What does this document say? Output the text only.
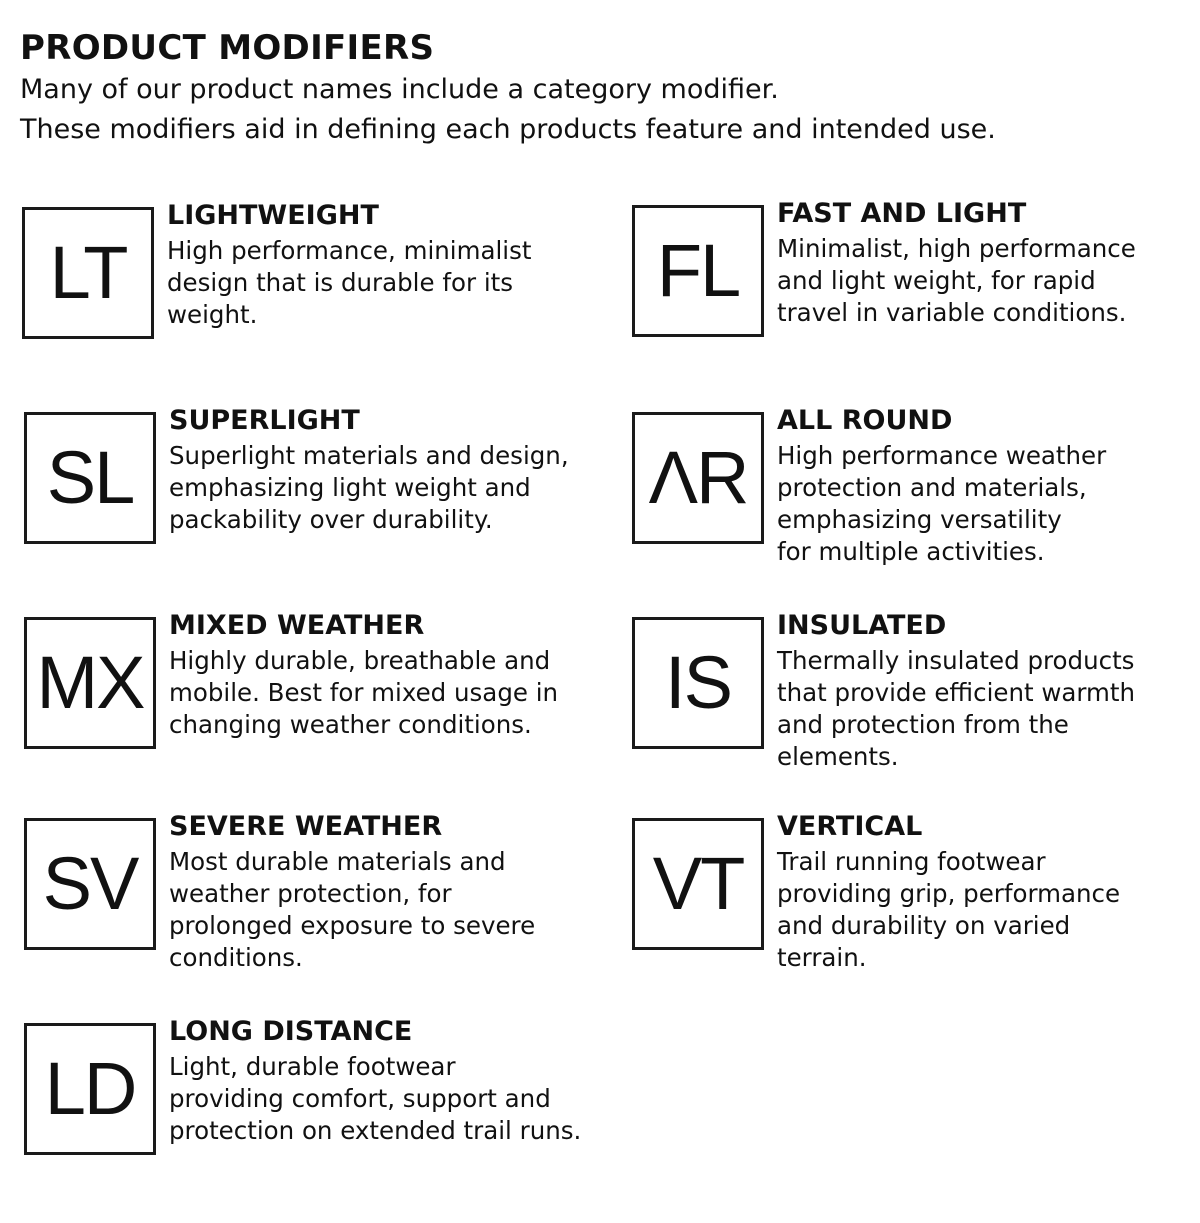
PRODUCT MODIFIERS

Many of our product names include a category modifier.

These modifiers aid in defining each products feature and intended use.

LT
LIGHTWEIGHT

High performance, minimalist
design that is durable for its
weight.

SL
SUPERLIGHT

Superlight materials and design,
emphasizing light weight and
packability over durability.

MX
MIXED WEATHER

Highly durable, breathable and
mobile. Best for mixed usage in
changing weather conditions.

SV
SEVERE WEATHER

Most durable materials and
weather protection, for
prolonged exposure to severe
conditions.

LD
LONG DISTANCE

Light, durable footwear
providing comfort, support and
protection on extended trail runs.

FL
FAST AND LIGHT

Minimalist, high performance
and light weight, for rapid
travel in variable conditions.

ΛR
ALL ROUND

High performance weather
protection and materials,
emphasizing versatility
for multiple activities.

IS
INSULATED

Thermally insulated products
that provide efficient warmth
and protection from the
elements.

VT
VERTICAL

Trail running footwear
providing grip, performance
and durability on varied
terrain.
